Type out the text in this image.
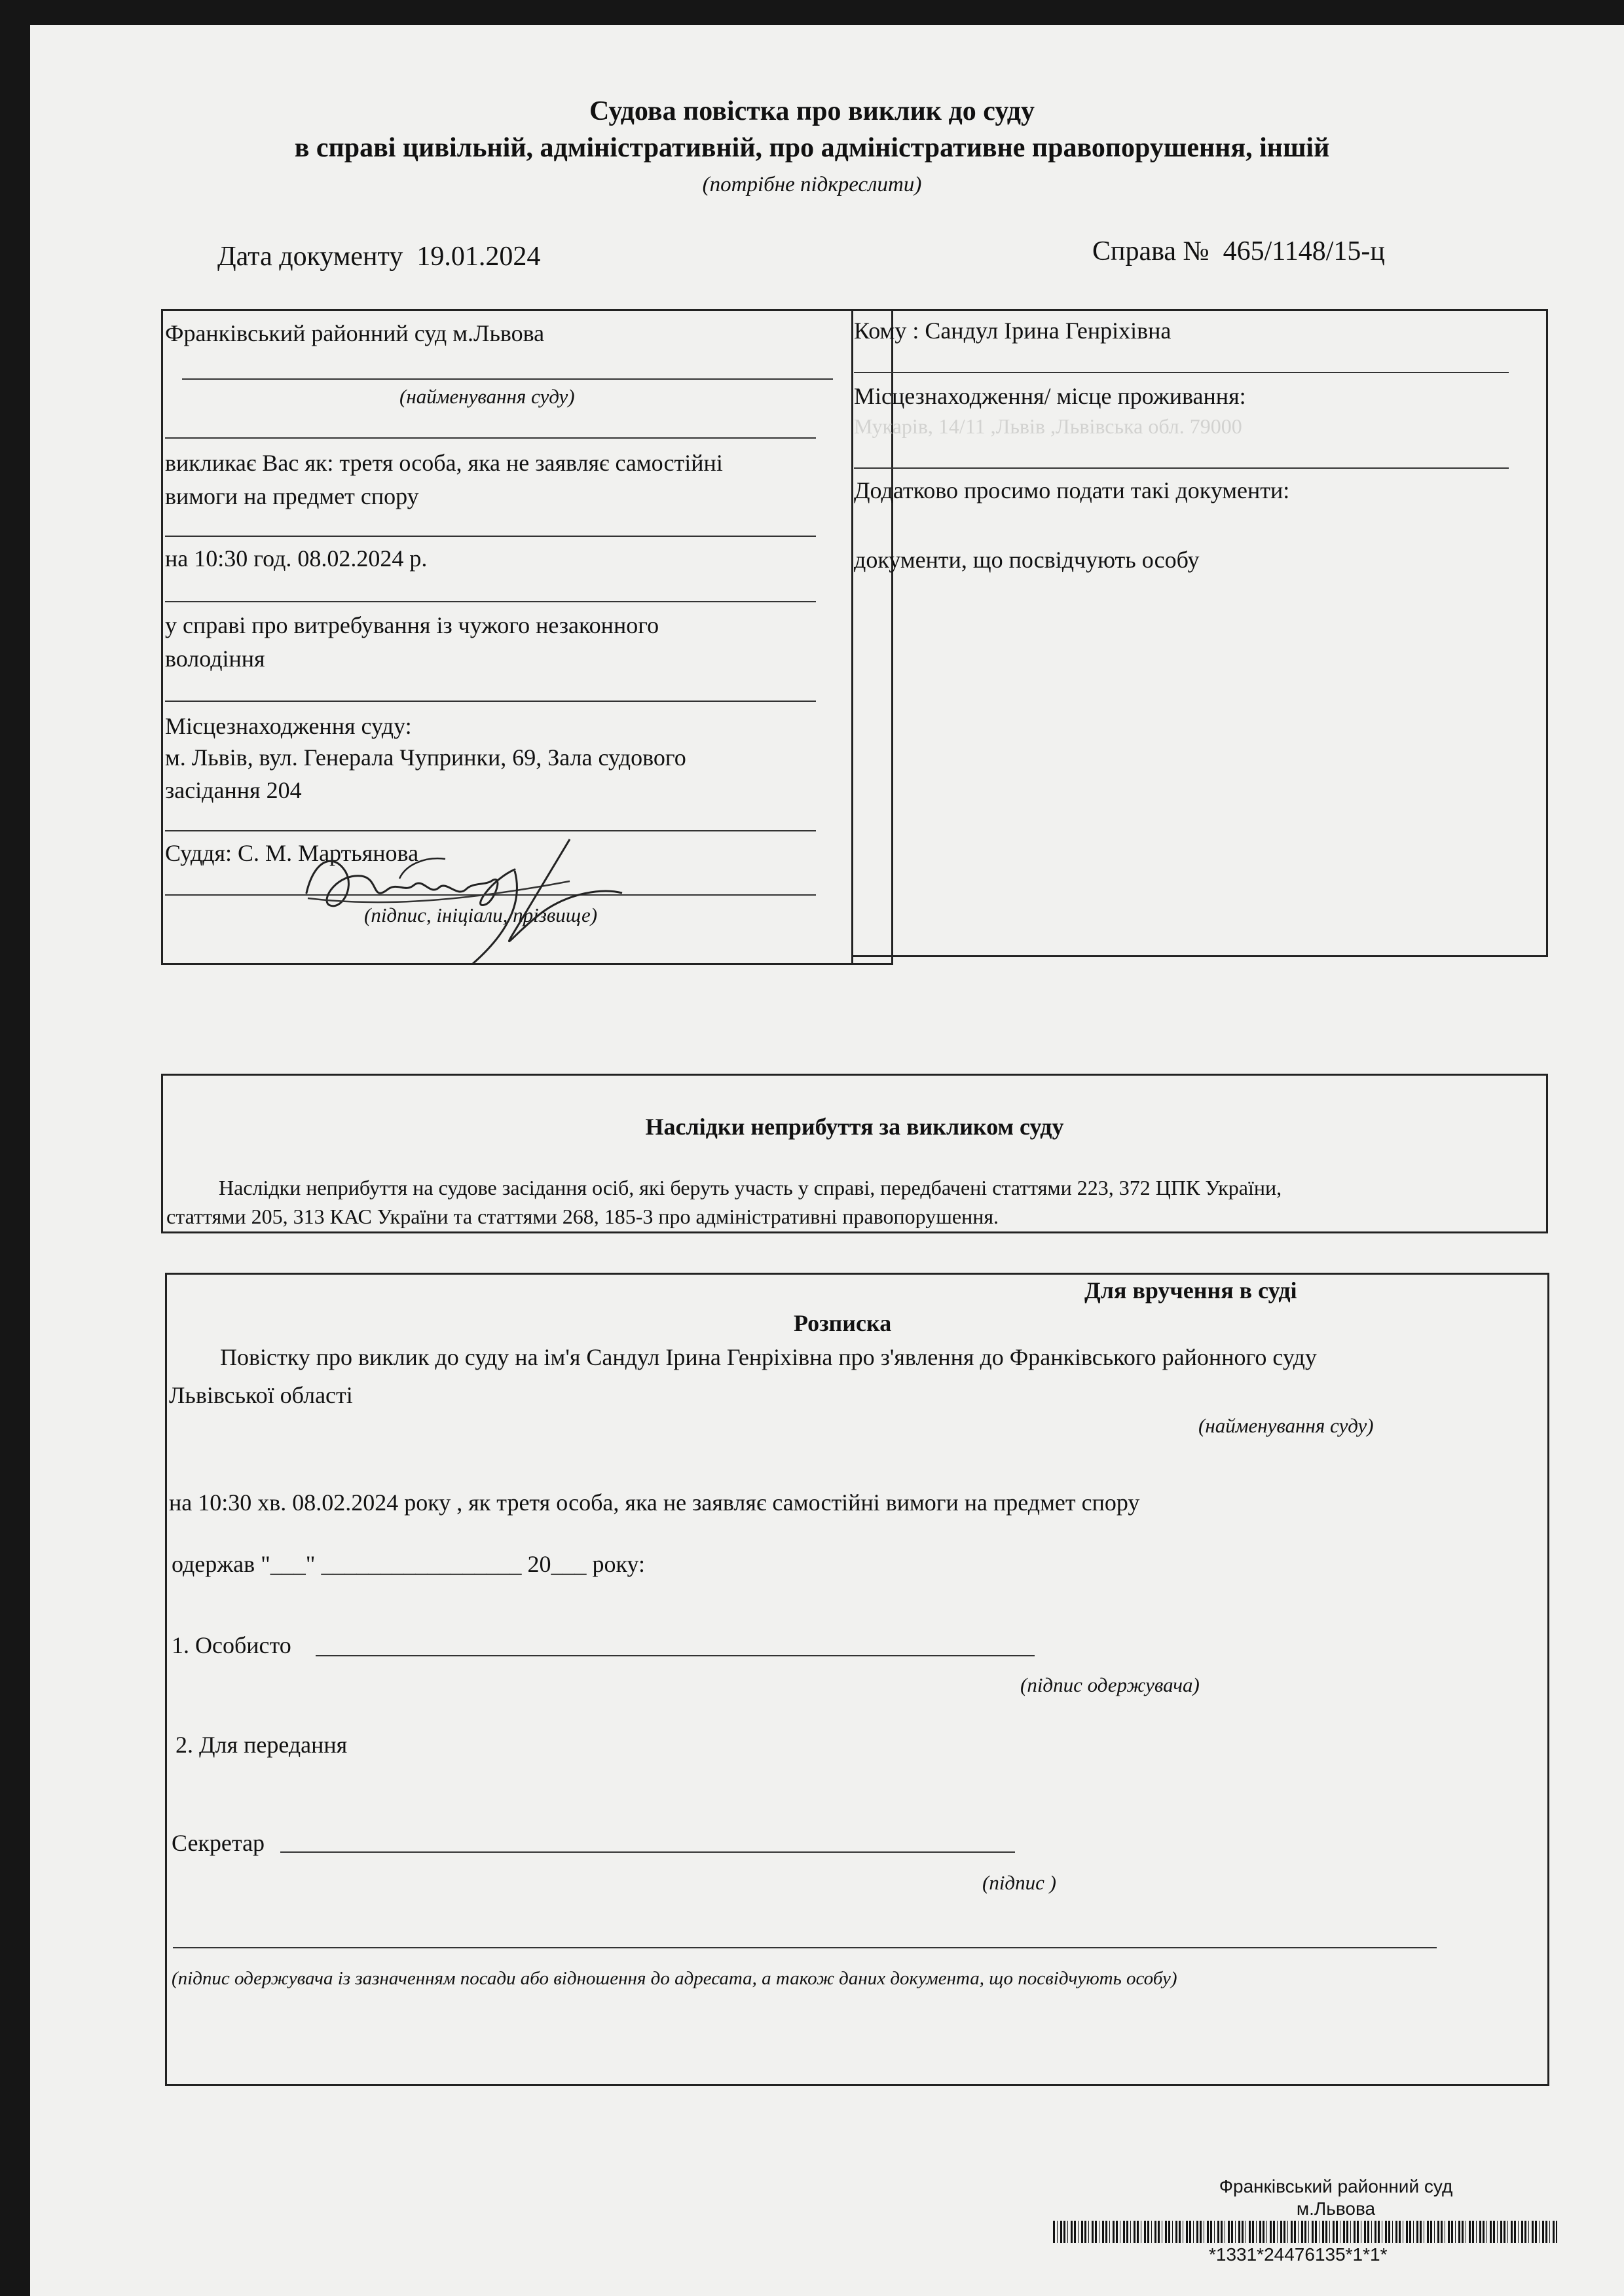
Судова повістка про виклик до суду
в справі цивільній, адміністративній, про адміністративне правопорушення, іншій
(потрібне підкреслити)
Дата документу 19.01.2024	Справа № 465/1148/15-ц
Франківський районний суд м.Львова
(найменування суду)
викликає Вас як: третя особа, яка не заявляє самостійні
вимоги на предмет спору
на 10:30 год. 08.02.2024 р.
у справі про витребування із чужого незаконного
володіння
Місцезнаходження суду:
м. Львів, вул. Генерала Чупринки, 69, Зала судового
засідання 204
Суддя: С. М. Мартьянова
(підпис, ініціали, прізвище)
Кому : Сандул Ірина Генріхівна
Місцезнаходження/ місце проживання:
Мукарів, 14/11 ,Львів ,Львівська обл. 79000
Додатково просимо подати такі документи:
документи, що посвідчують особу
Наслідки неприбуття за викликом суду
Наслідки неприбуття на судове засідання осіб, які беруть участь у справі, передбачені статтями 223, 372 ЦПК України,
статтями 205, 313 КАС України та статтями 268, 185-3 про адміністративні правопорушення.
Для вручення в суді
Розписка
Повістку про виклик до суду на ім'я Сандул Ірина Генріхівна про з'явлення до Франківського районного суду
Львівської області
(найменування суду)
на 10:30 хв. 08.02.2024 року , як третя особа, яка не заявляє самостійні вимоги на предмет спору
одержав "___" _________________ 20___ року:
1. Особисто
(підпис одержувача)
2. Для передання
Секретар
(підпис )
(підпис одержувача із зазначенням посади або відношення до адресата, а також даних документа, що посвідчують особу)
Франківський районний суд
м.Львова
*1331*24476135*1*1*
